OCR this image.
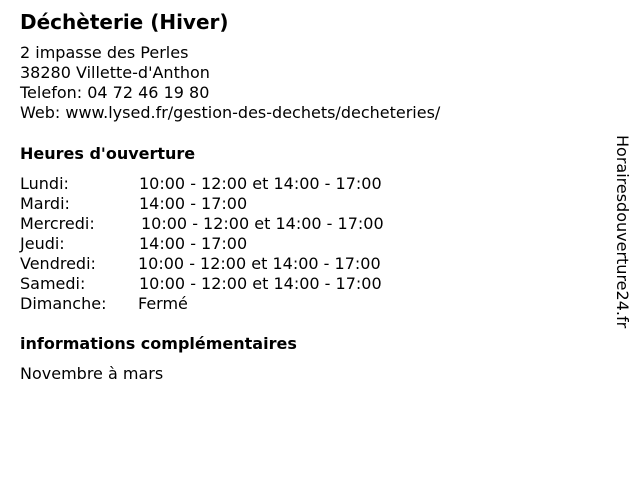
Déchèterie (Hiver)
2 impasse des Perles
38280 Villette-d'Anthon
Telefon: 04 72 46 19 80
Web: www.lysed.fr/gestion-des-dechets/decheteries/
Heures d'ouverture
Lundi:	10:00 - 12:00 et 14:00 - 17:00
Mardi:	14:00 - 17:00
Mercredi:	10:00 - 12:00 et 14:00 - 17:00
Jeudi:	14:00 - 17:00
Vendredi:	10:00 - 12:00 et 14:00 - 17:00
Samedi:	10:00 - 12:00 et 14:00 - 17:00
Dimanche: Fermé
informations complémentaires
Novembre à mars
Horairesdouverture24.fr
